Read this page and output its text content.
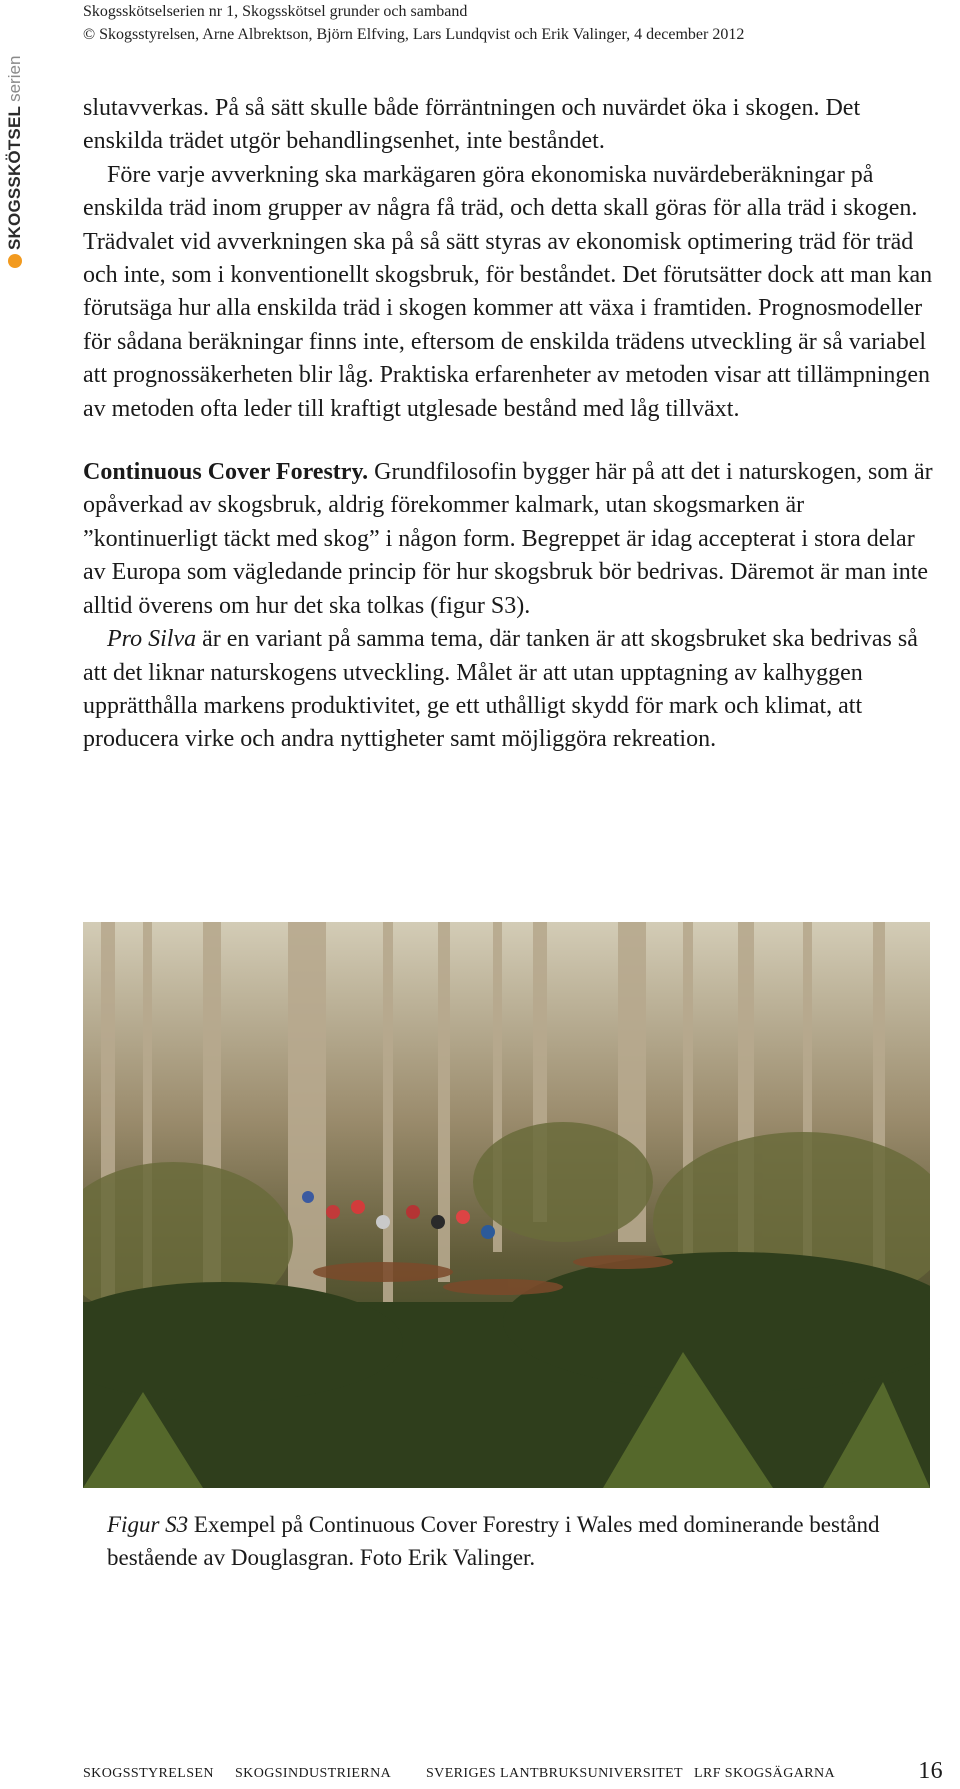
Skogsskötselserien nr 1, Skogsskötsel grunder och samband
© Skogsstyrelsen, Arne Albrektson, Björn Elfving, Lars Lundqvist och Erik Valinger, 4 december 2012
SKOGSSKÖTSEL
serien

slutavverkas. På så sätt skulle både förräntningen och nuvärdet öka i skogen. Det enskilda trädet utgör behandlingsenhet, inte beståndet.

Före varje avverkning ska markägaren göra ekonomiska nuvärdeberäkningar på enskilda träd inom grupper av några få träd, och detta skall göras för alla träd i skogen. Trädvalet vid avverkningen ska på så sätt styras av ekonomisk optimering träd för träd och inte, som i konventionellt skogsbruk, för beståndet. Det förutsätter dock att man kan förutsäga hur alla enskilda träd i skogen kommer att växa i framtiden. Prognosmodeller för sådana beräkningar finns inte, eftersom de enskilda trädens utveckling är så variabel att prognossäkerheten blir låg. Praktiska erfarenheter av metoden visar att tillämpningen av metoden ofta leder till kraftigt utglesade bestånd med låg tillväxt.

Continuous Cover Forestry. Grundfilosofin bygger här på att det i naturskogen, som är opåverkad av skogsbruk, aldrig förekommer kalmark, utan skogsmarken är ”kontinuerligt täckt med skog” i någon form. Begreppet är idag accepterat i stora delar av Europa som vägledande princip för hur skogsbruk bör bedrivas. Däremot är man inte alltid överens om hur det ska tolkas (figur S3).

Pro Silva är en variant på samma tema, där tanken är att skogsbruket ska bedrivas så att det liknar naturskogens utveckling. Målet är att utan upptagning av kalhyggen upprätthålla markens produktivitet, ge ett uthålligt skydd för mark och klimat, att producera virke och andra nyttigheter samt möjliggöra rekreation.

Figur S3 Exempel på Continuous Cover Forestry i Wales med dominerande bestånd bestående av Douglasgran. Foto Erik Valinger.
SKOGSSTYRELSEN SKOGSINDUSTRIERNA SVERIGES LANTBRUKSUNIVERSITET LRF SKOGSÄGARNA	16
